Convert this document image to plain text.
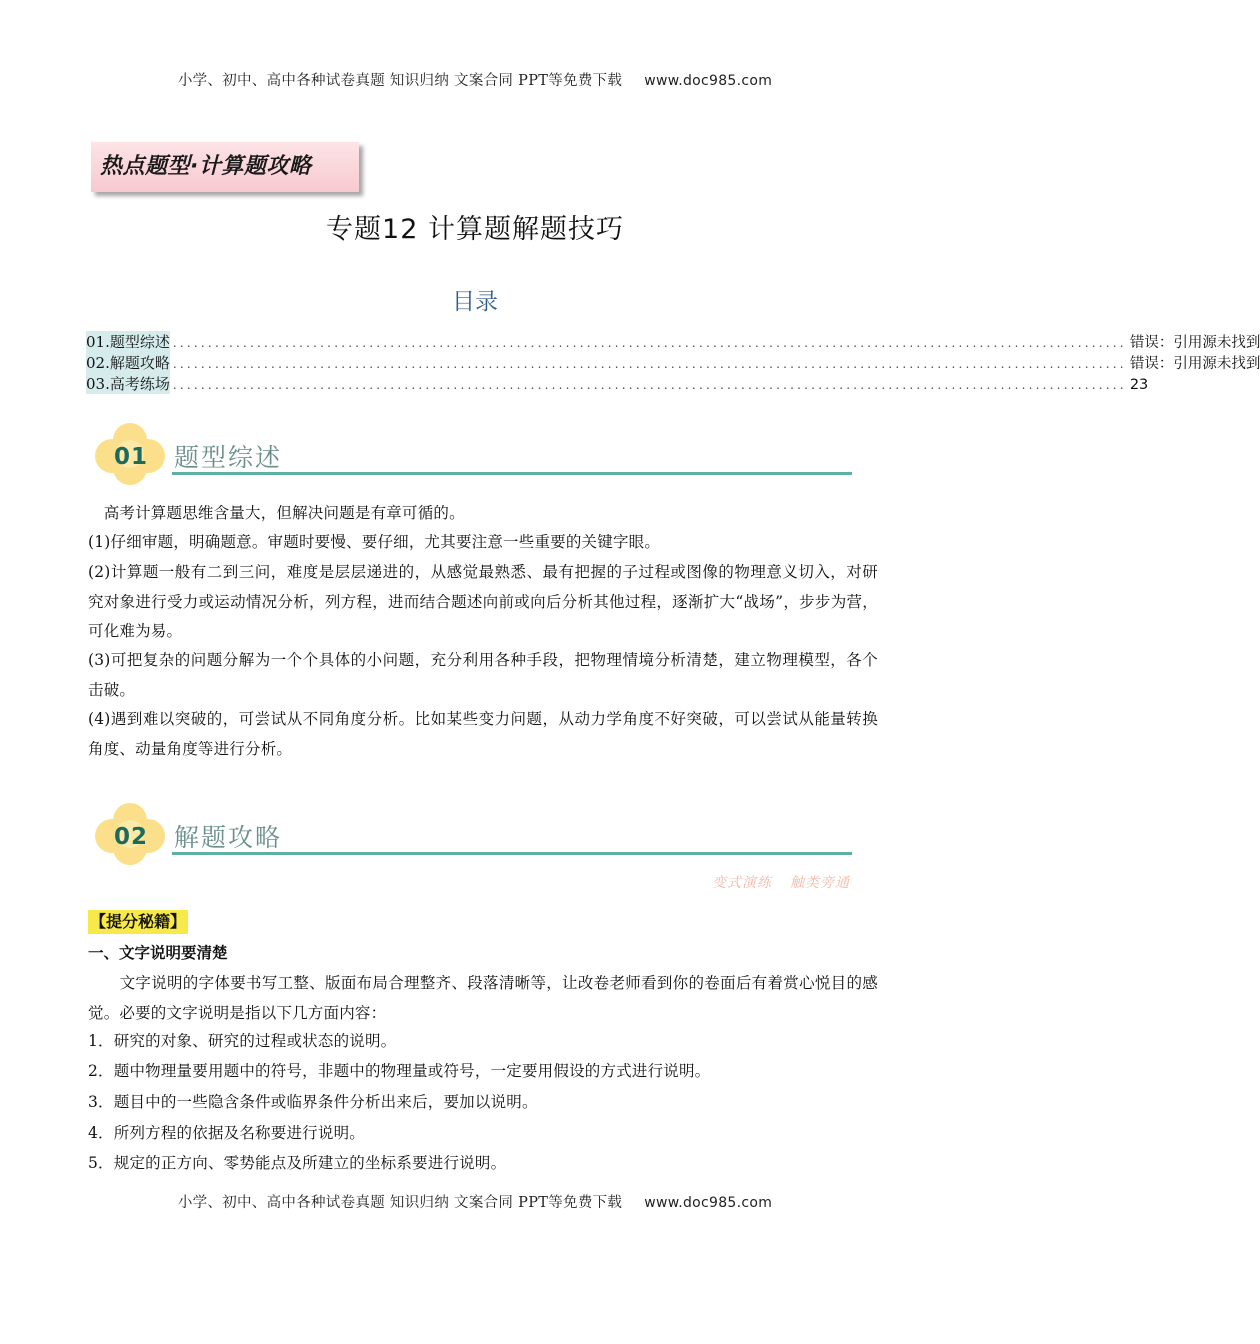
小学、初中、高中各种试卷真题 知识归纳 文案合同 PPT等免费下载 www.doc985.com
热点题型·计算题攻略
专题12 计算题解题技巧
目录
01.题型综述 ........................................................................................................................................ 错误：引用源未找到
02.解题攻略 ........................................................................................................................................ 错误：引用源未找到
03.高考练场 ........................................................................................................................................ 23
01 题型综述

　高考计算题思维含量大，但解决问题是有章可循的。

(1)仔细审题，明确题意。审题时要慢、要仔细，尤其要注意一些重要的关键字眼。

(2)计算题一般有二到三问，难度是层层递进的，从感觉最熟悉、最有把握的子过程或图像的物理意义切入，对研究对象进行受力或运动情况分析，列方程，进而结合题述向前或向后分析其他过程，逐渐扩大“战场”，步步为营，可化难为易。

(3)可把复杂的问题分解为一个个具体的小问题，充分利用各种手段，把物理情境分析清楚，建立物理模型，各个击破。

(4)遇到难以突破的，可尝试从不同角度分析。比如某些变力问题，从动力学角度不好突破，可以尝试从能量转换角度、动量角度等进行分析。

02 解题攻略
变式演练 触类旁通
【提分秘籍】
一、文字说明要清楚

　　文字说明的字体要书写工整、版面布局合理整齐、段落清晰等，让改卷老师看到你的卷面后有着赏心悦目的感觉。必要的文字说明是指以下几方面内容：

1．研究的对象、研究的过程或状态的说明。

2．题中物理量要用题中的符号，非题中的物理量或符号，一定要用假设的方式进行说明。

3．题目中的一些隐含条件或临界条件分析出来后，要加以说明。

4．所列方程的依据及名称要进行说明。

5．规定的正方向、零势能点及所建立的坐标系要进行说明。

小学、初中、高中各种试卷真题 知识归纳 文案合同 PPT等免费下载 www.doc985.com
